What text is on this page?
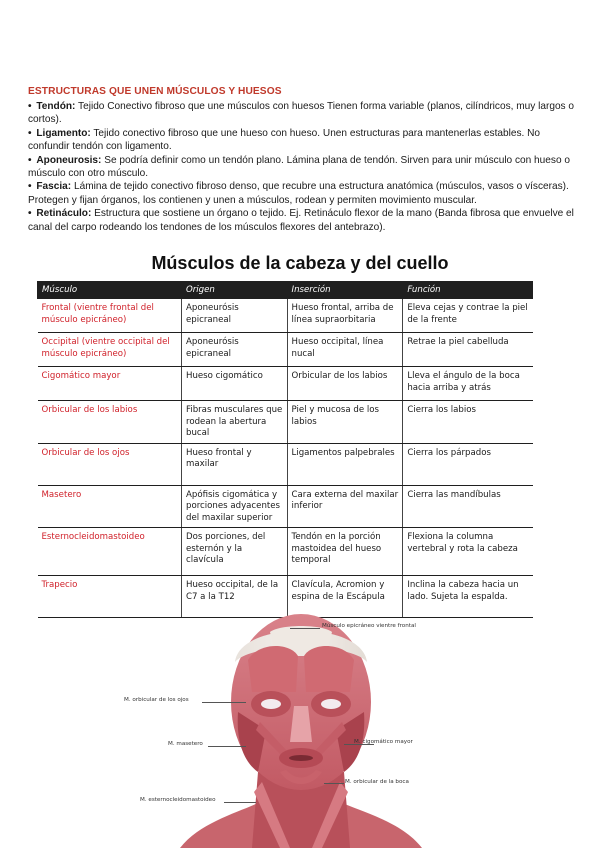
ESTRUCTURAS QUE UNEN MÚSCULOS Y HUESOS

• Tendón: Tejido Conectivo fibroso que une músculos con huesos Tienen forma variable (planos, cilíndricos, muy largos o cortos).

• Ligamento: Tejido conectivo fibroso que une hueso con hueso. Unen estructuras para mantenerlas estables. No confundir tendón con ligamento.

• Aponeurosis: Se podría definir como un tendón plano. Lámina plana de tendón. Sirven para unir músculo con hueso o músculo con otro músculo.

• Fascia: Lámina de tejido conectivo fibroso denso, que recubre una estructura anatómica (músculos, vasos o vísceras). Protegen y fijan órganos, los contienen y unen a músculos, rodean y permiten movimiento muscular.

• Retináculo: Estructura que sostiene un órgano o tejido. Ej. Retináculo flexor de la mano (Banda fibrosa que envuelve el canal del carpo rodeando los tendones de los músculos flexores del antebrazo).

Músculos de la cabeza y del cuello
Músculo	Origen	Inserción	Función
Frontal (vientre frontal del músculo epicráneo)	Aponeurósis epicraneal	Hueso frontal, arriba de línea supraorbitaria	Eleva cejas y contrae la piel de la frente
Occipital (vientre occipital del músculo epicráneo)	Aponeurósis epicraneal	Hueso occipital, línea nucal	Retrae la piel cabelluda
Cigomático mayor	Hueso cigomático	Orbicular de los labios	Lleva el ángulo de la boca hacia arriba y atrás
Orbicular de los labios	Fibras musculares que rodean la abertura bucal	Piel y mucosa de los labios	Cierra los labios
Orbicular de los ojos	Hueso frontal y maxilar	Ligamentos palpebrales	Cierra los párpados
Masetero	Apófisis cigomática y porciones adyacentes del maxilar superior	Cara externa del maxilar inferior	Cierra las mandíbulas
Esternocleidomastoideo	Dos porciones, del esternón y la clavícula	Tendón en la porción mastoidea del hueso temporal	Flexiona la columna vertebral y rota la cabeza
Trapecio	Hueso occipital, de la C7 a la T12	Clavícula, Acromion y espina de la Escápula	Inclina la cabeza hacia un lado. Sujeta la espalda.
Músculo epicráneo vientre frontal
M. orbicular de los ojos
M. masetero	M. cigomático mayor
M. orbicular de la boca
M. esternocleidomastoideo
